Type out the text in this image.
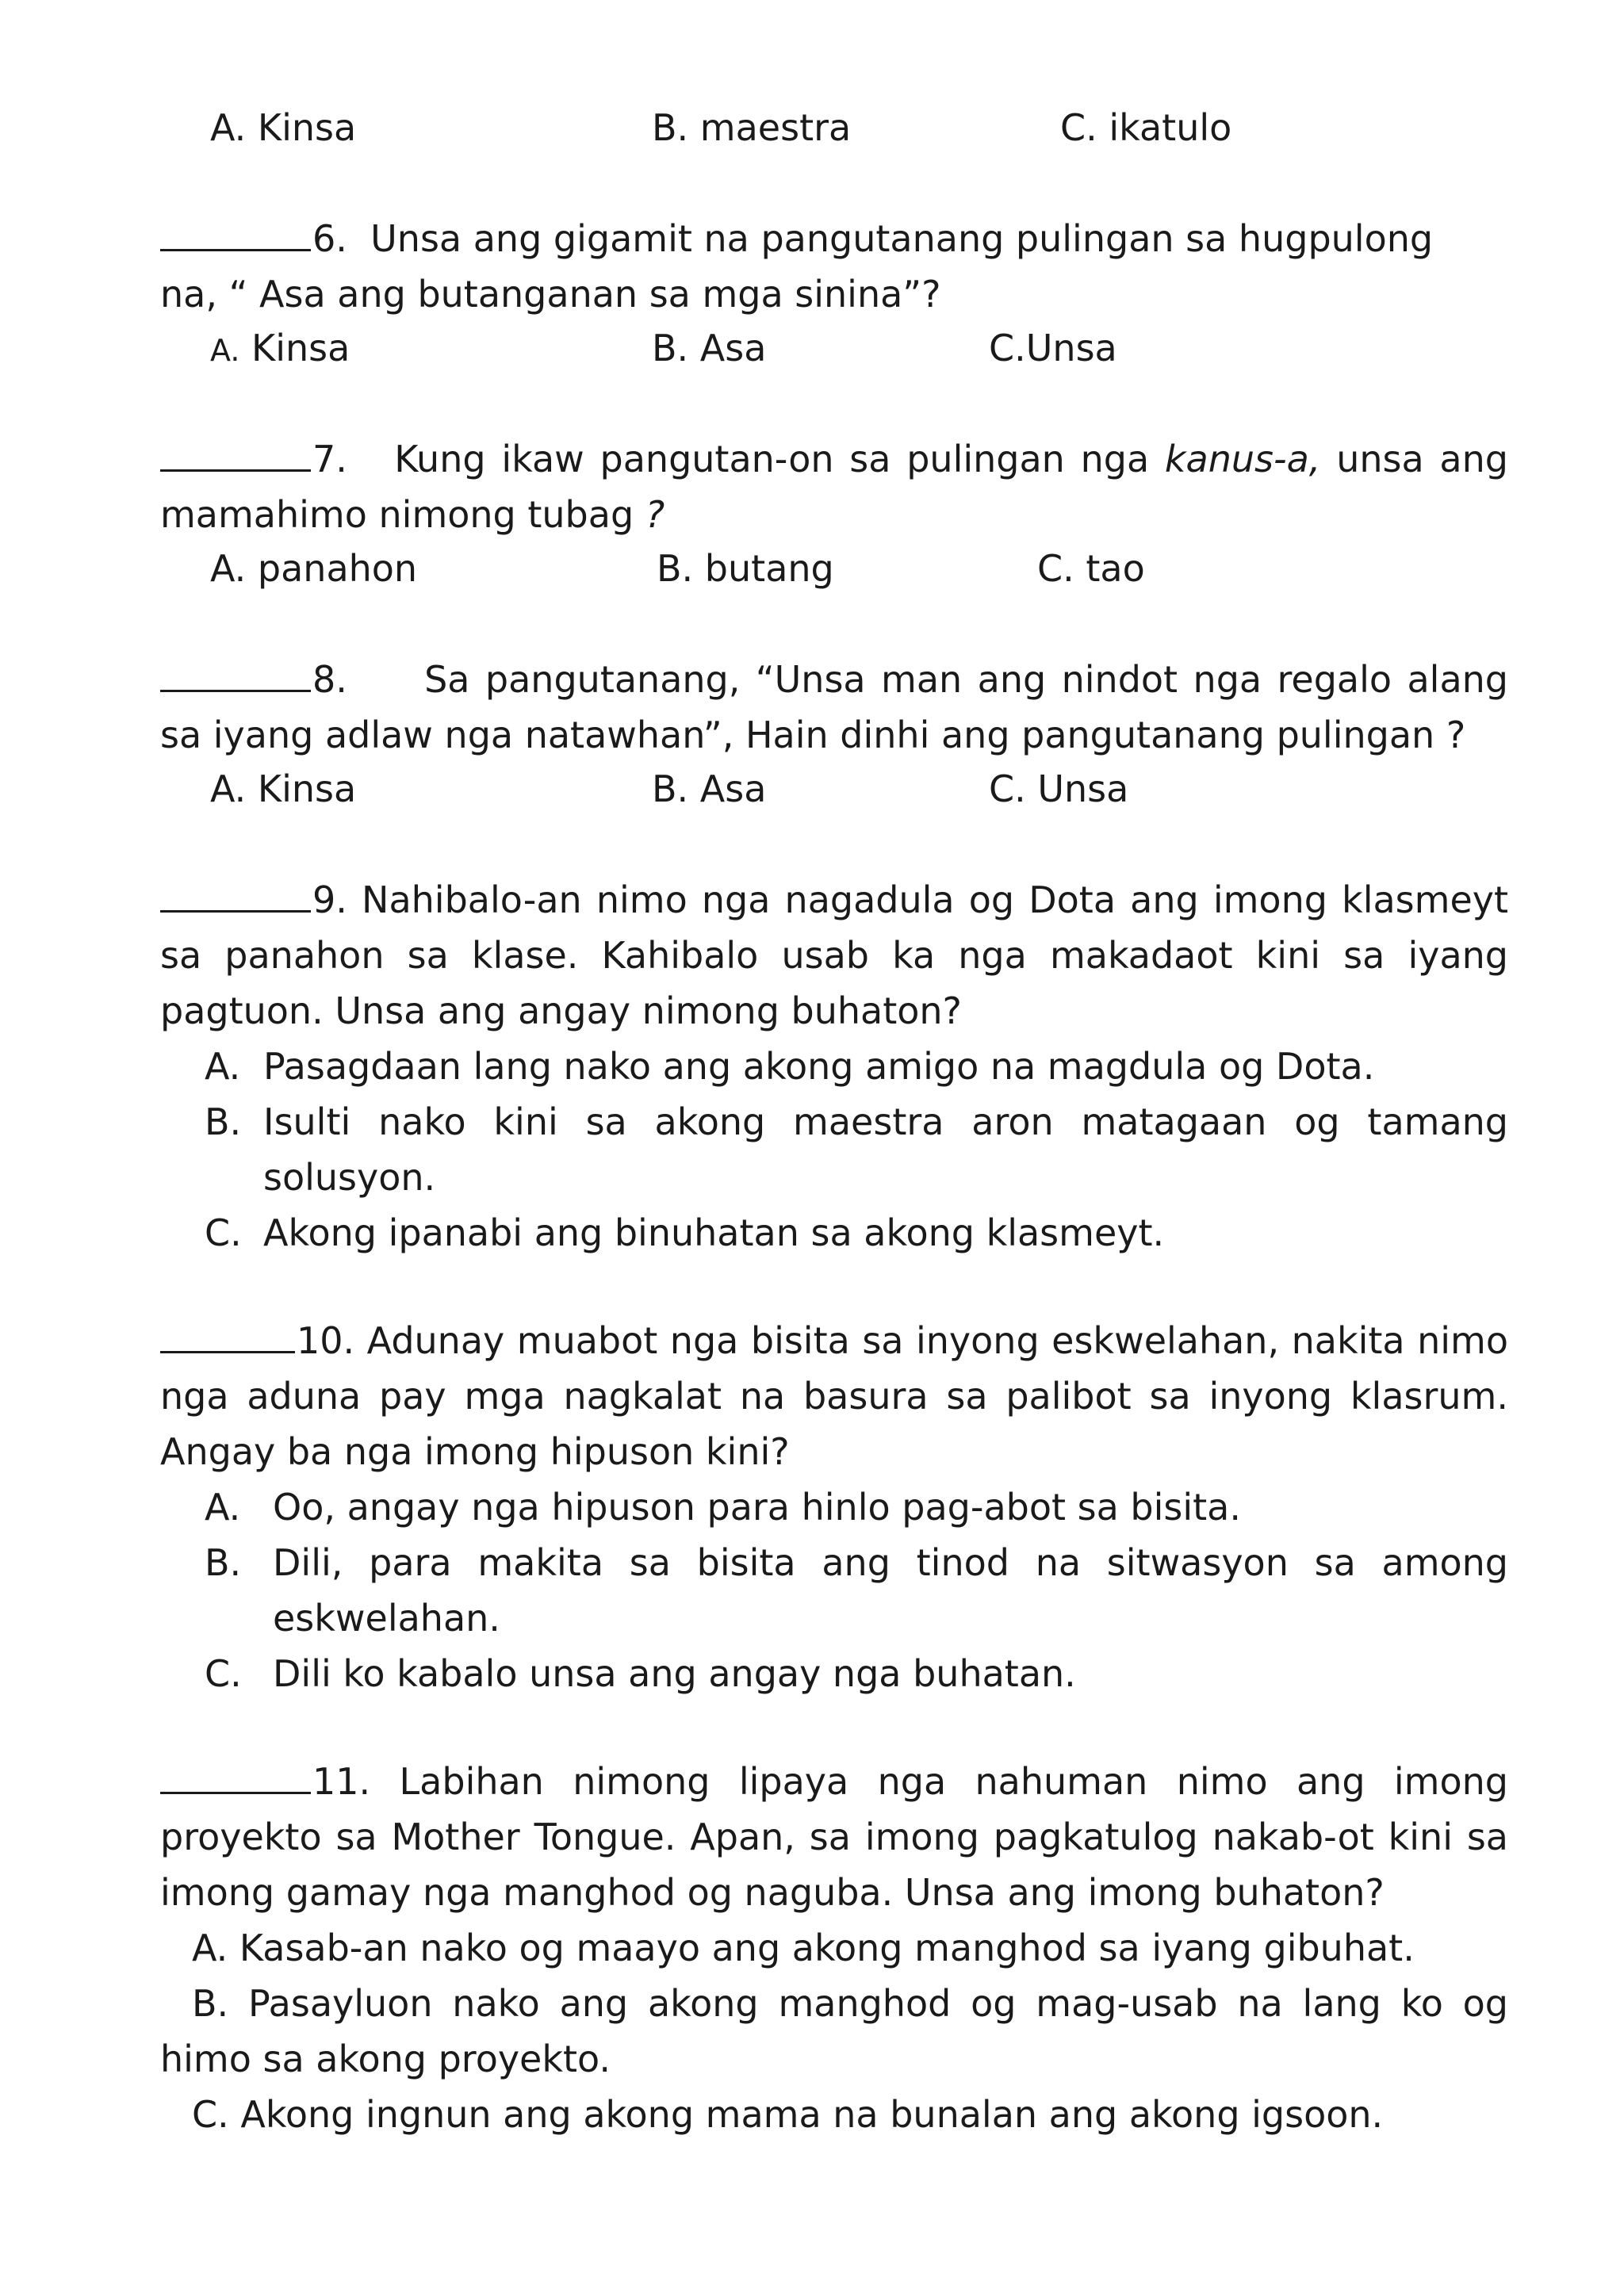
A. Kinsa	B. maestra	C. ikatulo
6. Unsa ang gigamit na pangutanang pulingan sa hugpulong
na, “ Asa ang butanganan sa mga sinina”?
A. Kinsa	B. Asa	C.Unsa
7. Kung ikaw pangutan-on sa pulingan nga kanus-a, unsa ang
mamahimo nimong tubag ?
A. panahon	B. butang	C. tao
8. Sa pangutanang, “Unsa man ang nindot nga regalo alang
sa iyang adlaw nga natawhan”, Hain dinhi ang pangutanang pulingan ?
A. Kinsa	B. Asa	C. Unsa
9. Nahibalo-an nimo nga nagadula og Dota ang imong klasmeyt
sa panahon sa klase. Kahibalo usab ka nga makadaot kini sa iyang
pagtuon. Unsa ang angay nimong buhaton?
A. Pasagdaan lang nako ang akong amigo na magdula og Dota.
B. Isulti nako kini sa akong maestra aron matagaan og tamang
solusyon.
C. Akong ipanabi ang binuhatan sa akong klasmeyt.
10. Adunay muabot nga bisita sa inyong eskwelahan, nakita nimo
nga aduna pay mga nagkalat na basura sa palibot sa inyong klasrum.
Angay ba nga imong hipuson kini?
A. Oo, angay nga hipuson para hinlo pag-abot sa bisita.
B. Dili, para makita sa bisita ang tinod na sitwasyon sa among
eskwelahan.
C. Dili ko kabalo unsa ang angay nga buhatan.
11. Labihan nimong lipaya nga nahuman nimo ang imong
proyekto sa Mother Tongue. Apan, sa imong pagkatulog nakab-ot kini sa
imong gamay nga manghod og naguba. Unsa ang imong buhaton?
A. Kasab-an nako og maayo ang akong manghod sa iyang gibuhat.
B. Pasayluon nako ang akong manghod og mag-usab na lang ko og
himo sa akong proyekto.
C. Akong ingnun ang akong mama na bunalan ang akong igsoon.
